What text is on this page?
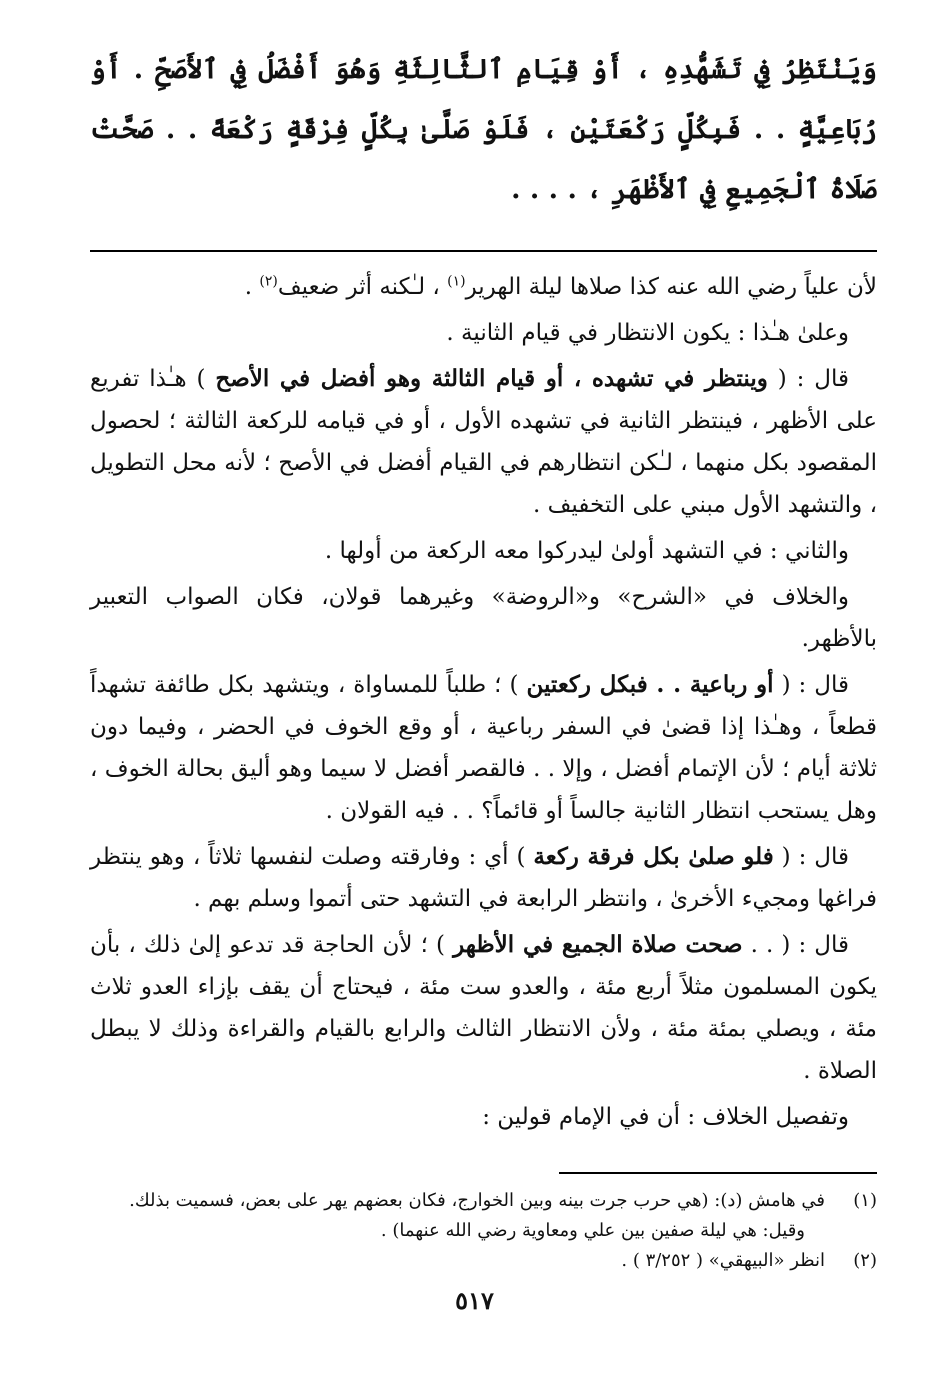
وَيَنْتَظِرُ فِي تَشَهُّدِهِ ، أَوْ قِيَامِ ٱلثَّالِثَةِ وَهُوَ أَفْضَلُ فِي ٱلأَصَحِّ . أَوْ رُبَاعِيَّةٍ . . فَبِكُلٍّ رَكْعَتَيْنِ ، فَلَوْ صَلَّىٰ بِكُلٍّ فِرْقَةٍ رَكْعَةً . . صَحَّتْ صَلَاةُ ٱلْجَمِيعِ فِي ٱلأَظْهَرِ ، . . . .

لأن علياً رضي الله عنه كذا صلاها ليلة الهرير$^{(١)}$ ، لـٰكنه أثر ضعيف$^{(٢)}$ .

وعلىٰ هـٰذا : يكون الانتظار في قيام الثانية .

قال : ( وينتظر في تشهده ، أو قيام الثالثة وهو أفضل في الأصح ) هـٰذا تفريع على الأظهر ، فينتظر الثانية في تشهده الأول ، أو في قيامه للركعة الثالثة ؛ لحصول المقصود بكل منهما ، لـٰكن انتظارهم في القيام أفضل في الأصح ؛ لأنه محل التطويل ، والتشهد الأول مبني على التخفيف .

والثاني : في التشهد أولىٰ ليدركوا معه الركعة من أولها .

والخلاف في «الشرح» و«الروضة» وغيرهما قولان، فكان الصواب التعبير بالأظهر.

قال : ( أو رباعية . . فبكل ركعتين ) ؛ طلباً للمساواة ، ويتشهد بكل طائفة تشهداً قطعاً ، وهـٰذا إذا قضىٰ في السفر رباعية ، أو وقع الخوف في الحضر ، وفيما دون ثلاثة أيام ؛ لأن الإتمام أفضل ، وإلا . . فالقصر أفضل لا سيما وهو أليق بحالة الخوف ، وهل يستحب انتظار الثانية جالساً أو قائماً؟ . . فيه القولان .

قال : ( فلو صلىٰ بكل فرقة ركعة ) أي : وفارقته وصلت لنفسها ثلاثاً ، وهو ينتظر فراغها ومجيء الأخرىٰ ، وانتظر الرابعة في التشهد حتى أتموا وسلم بهم .

قال : ( . . صحت صلاة الجميع في الأظهر ) ؛ لأن الحاجة قد تدعو إلىٰ ذلك ، بأن يكون المسلمون مثلاً أربع مئة ، والعدو ست مئة ، فيحتاج أن يقف بإزاء العدو ثلاث مئة ، ويصلي بمئة مئة ، ولأن الانتظار الثالث والرابع بالقيام والقراءة وذلك لا يبطل الصلاة .

وتفصيل الخلاف : أن في الإمام قولين :

(١)في هامش (د): (هي حرب جرت بينه وبين الخوارج، فكان بعضهم يهر على بعض، فسميت بذلك.

وقيل: هي ليلة صفين بين علي ومعاوية رضي الله عنهما) .

(٢)انظر «البيهقي» ( ٣/٢٥٢ ) .

٥١٧
